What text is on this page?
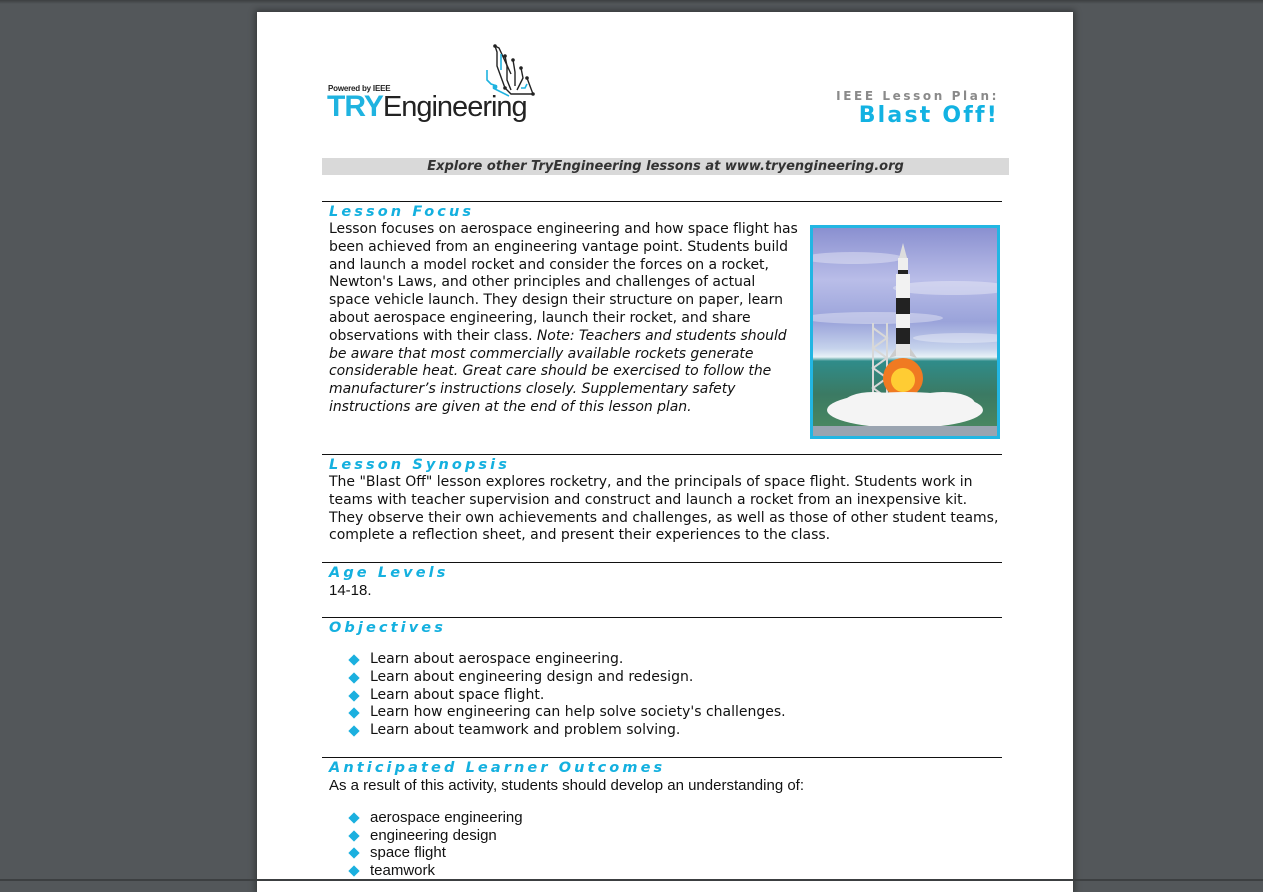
Powered by IEEE
TRYEngineering	IEEE Lesson Plan:
Blast Off!
Explore other TryEngineering lessons at www.tryengineering.org
Lesson Focus
Lesson focuses on aerospace engineering and how space flight has been achieved from an engineering vantage point. Students build and launch a model rocket and consider the forces on a rocket, Newton's Laws, and other principles and challenges of actual space vehicle launch. They design their structure on paper, learn about aerospace engineering, launch their rocket, and share observations with their class. Note: Teachers and students should be aware that most commercially available rockets generate considerable heat. Great care should be exercised to follow the manufacturer’s instructions closely. Supplementary safety instructions are given at the end of this lesson plan.
Lesson Synopsis
The "Blast Off" lesson explores rocketry, and the principals of space flight. Students work in teams with teacher supervision and construct and launch a rocket from an inexpensive kit. They observe their own achievements and challenges, as well as those of other student teams, complete a reflection sheet, and present their experiences to the class.
Age Levels
14-18.
Objectives
Learn about aerospace engineering.
Learn about engineering design and redesign.
Learn about space flight.
Learn how engineering can help solve society's challenges.
Learn about teamwork and problem solving.
Anticipated Learner Outcomes
As a result of this activity, students should develop an understanding of:
aerospace engineering
engineering design
space flight
teamwork
